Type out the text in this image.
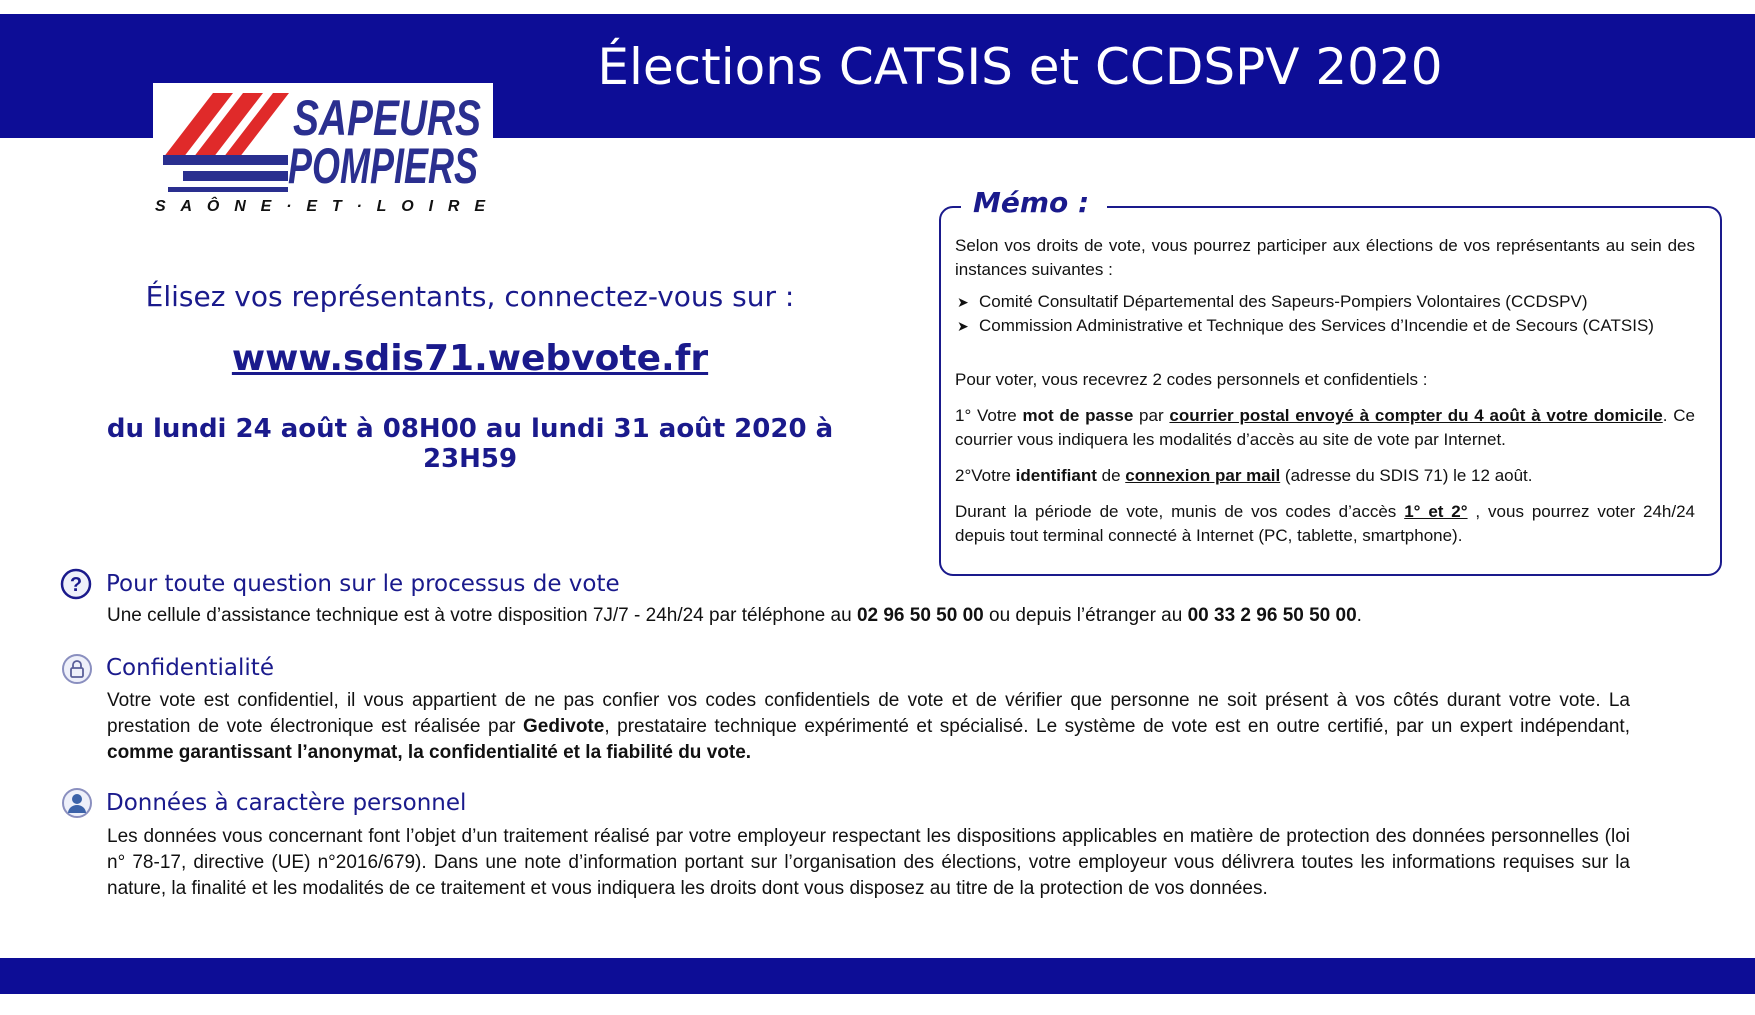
Élections CATSIS et CCDSPV 2020
SAPEURS
POMPIERS
SAÔNE·ET·LOIRE
Élisez vos représentants, connectez-vous sur :
www.sdis71.webvote.fr
du lundi 24 août à 08H00 au lundi 31 août 2020 à 23H59
Mémo :

Selon vos droits de vote, vous pourrez participer aux élections de vos représentants au sein des instances suivantes :

➤ Comité Consultatif Départemental des Sapeurs-Pompiers Volontaires (CCDSPV)
➤ Commission Administrative et Technique des Services d’Incendie et de Secours (CATSIS)

Pour voter, vous recevrez 2 codes personnels et confidentiels :

1° Votre mot de passe par courrier postal envoyé à compter du 4 août à votre domicile. Ce courrier vous indiquera les modalités d’accès au site de vote par Internet.

2°Votre identifiant de connexion par mail (adresse du SDIS 71) le 12 août.

Durant la période de vote, munis de vos codes d’accès 1° et 2° , vous pourrez voter 24h/24 depuis tout terminal connecté à Internet (PC, tablette, smartphone).

? Pour toute question sur le processus de vote
Une cellule d’assistance technique est à votre disposition 7J/7 - 24h/24 par téléphone au 02 96 50 50 00 ou depuis l’étranger au 00 33 2 96 50 50 00.
Confidentialité
Votre vote est confidentiel, il vous appartient de ne pas confier vos codes confidentiels de vote et de vérifier que personne ne soit présent à vos côtés durant votre vote. La prestation de vote électronique est réalisée par Gedivote, prestataire technique expérimenté et spécialisé. Le système de vote est en outre certifié, par un expert indépendant, comme garantissant l’anonymat, la confidentialité et la fiabilité du vote.
Données à caractère personnel
Les données vous concernant font l’objet d’un traitement réalisé par votre employeur respectant les dispositions applicables en matière de protection des données personnelles (loi n° 78-17, directive (UE) n°2016/679). Dans une note d’information portant sur l’organisation des élections, votre employeur vous délivrera toutes les informations requises sur la nature, la finalité et les modalités de ce traitement et vous indiquera les droits dont vous disposez au titre de la protection de vos données.
